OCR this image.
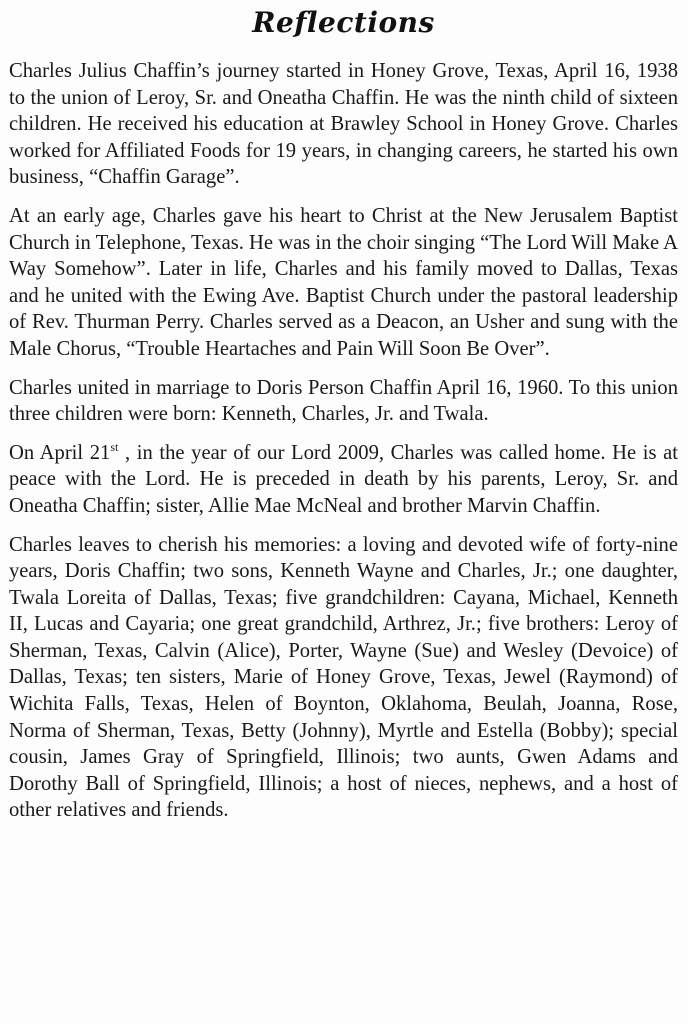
Reflections

Charles Julius Chaffin’s journey started in Honey Grove, Texas, April 16, 1938 to the union of Leroy, Sr. and Oneatha Chaffin. He was the ninth child of sixteen children. He received his education at Brawley School in Honey Grove. Charles worked for Affiliated Foods for 19 years, in changing careers, he started his own business, “Chaffin Garage”.

At an early age, Charles gave his heart to Christ at the New Jerusalem Baptist Church in Telephone, Texas. He was in the choir singing “The Lord Will Make A Way Somehow”. Later in life, Charles and his family moved to Dallas, Texas and he united with the Ewing Ave. Baptist Church under the pastoral leadership of Rev. Thurman Perry. Charles served as a Deacon, an Usher and sung with the Male Chorus, “Trouble Heartaches and Pain Will Soon Be Over”.

Charles united in marriage to Doris Person Chaffin April 16, 1960. To this union three children were born: Kenneth, Charles, Jr. and Twala.

On April 21st , in the year of our Lord 2009, Charles was called home. He is at peace with the Lord. He is preceded in death by his parents, Leroy, Sr. and Oneatha Chaffin; sister, Allie Mae McNeal and brother Marvin Chaffin.

Charles leaves to cherish his memories: a loving and devoted wife of forty-nine years, Doris Chaffin; two sons, Kenneth Wayne and Charles, Jr.; one daughter, Twala Loreita of Dallas, Texas; five grandchildren: Cayana, Michael, Kenneth II, Lucas and Cayaria; one great grandchild, Arthrez, Jr.; five brothers: Leroy of Sherman, Texas, Calvin (Alice), Porter, Wayne (Sue) and Wesley (Devoice) of Dallas, Texas; ten sisters, Marie of Honey Grove, Texas, Jewel (Raymond) of Wichita Falls, Texas, Helen of Boynton, Oklahoma, Beulah, Joanna, Rose, Norma of Sherman, Texas, Betty (Johnny), Myrtle and Estella (Bobby); special cousin, James Gray of Springfield, Illinois; two aunts, Gwen Adams and Dorothy Ball of Springfield, Illinois; a host of nieces, nephews, and a host of other relatives and friends.
